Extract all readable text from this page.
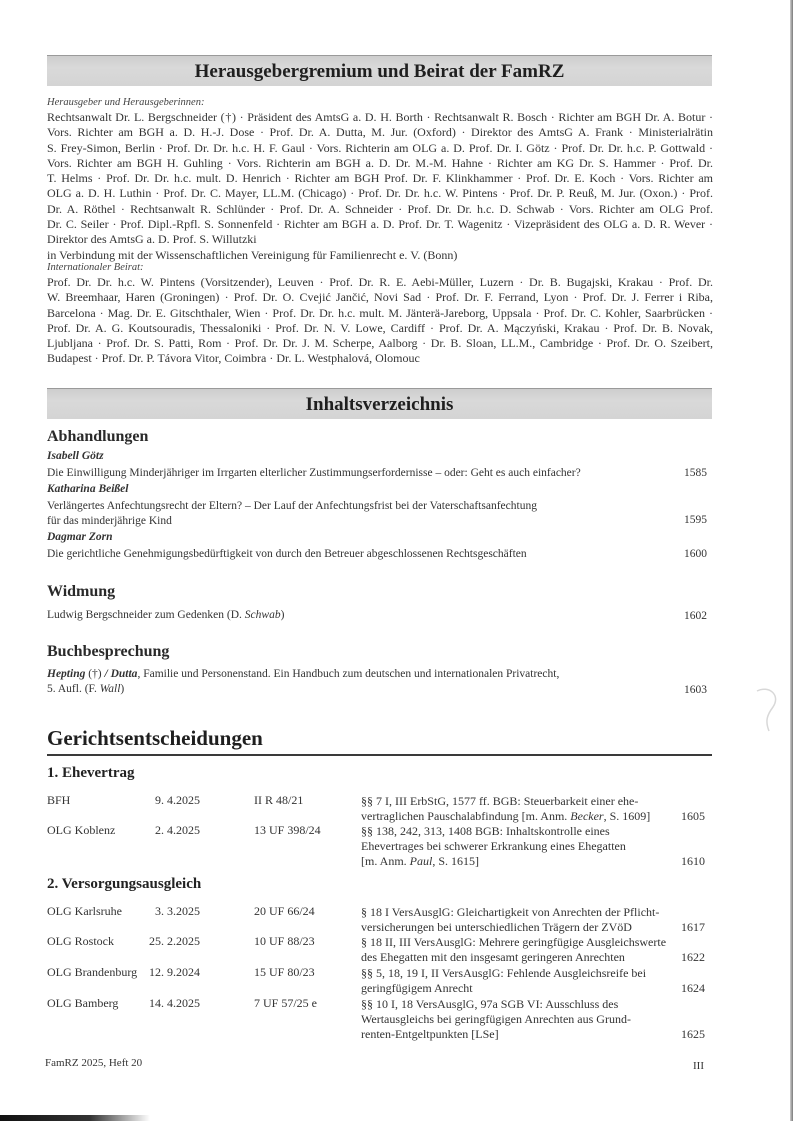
Herausgebergremium und Beirat der FamRZ
Herausgeber und Herausgeberinnen:
Rechtsanwalt Dr. L. Bergschneider (†) · Präsident des AmtsG a. D. H. Borth · Rechtsanwalt R. Bosch · Richter am BGH Dr. A. Botur ·
Vors. Richter am BGH a. D. H.-J. Dose · Prof. Dr. A. Dutta, M. Jur. (Oxford) · Direktor des AmtsG A. Frank · Ministerialrätin
S. Frey-Simon, Berlin · Prof. Dr. Dr. h.c. H. F. Gaul · Vors. Richterin am OLG a. D. Prof. Dr. I. Götz · Prof. Dr. Dr. h.c. P. Gottwald ·
Vors. Richter am BGH H. Guhling · Vors. Richterin am BGH a. D. Dr. M.-M. Hahne · Richter am KG Dr. S. Hammer · Prof. Dr.
T. Helms · Prof. Dr. Dr. h.c. mult. D. Henrich · Richter am BGH Prof. Dr. F. Klinkhammer · Prof. Dr. E. Koch · Vors. Richter am
OLG a. D. H. Luthin · Prof. Dr. C. Mayer, LL.M. (Chicago) · Prof. Dr. Dr. h.c. W. Pintens · Prof. Dr. P. Reuß, M. Jur. (Oxon.) · Prof.
Dr. A. Röthel · Rechtsanwalt R. Schlünder · Prof. Dr. A. Schneider · Prof. Dr. Dr. h.c. D. Schwab · Vors. Richter am OLG Prof.
Dr. C. Seiler · Prof. Dipl.-Rpfl. S. Sonnenfeld · Richter am BGH a. D. Prof. Dr. T. Wagenitz · Vizepräsident des OLG a. D. R. Wever ·
Direktor des AmtsG a. D. Prof. S. Willutzki
in Verbindung mit der Wissenschaftlichen Vereinigung für Familienrecht e. V. (Bonn)
Internationaler Beirat:
Prof. Dr. Dr. h.c. W. Pintens (Vorsitzender), Leuven · Prof. Dr. R. E. Aebi-Müller, Luzern · Dr. B. Bugajski, Krakau · Prof. Dr.
W. Breemhaar, Haren (Groningen) · Prof. Dr. O. Cvejić Jančić, Novi Sad · Prof. Dr. F. Ferrand, Lyon · Prof. Dr. J. Ferrer i Riba,
Barcelona · Mag. Dr. E. Gitschthaler, Wien · Prof. Dr. Dr. h.c. mult. M. Jänterä-Jareborg, Uppsala · Prof. Dr. C. Kohler, Saarbrücken ·
Prof. Dr. A. G. Koutsouradis, Thessaloniki · Prof. Dr. N. V. Lowe, Cardiff · Prof. Dr. A. Mączyński, Krakau · Prof. Dr. B. Novak,
Ljubljana · Prof. Dr. S. Patti, Rom · Prof. Dr. Dr. J. M. Scherpe, Aalborg · Dr. B. Sloan, LL.M., Cambridge · Prof. Dr. O. Szeibert,
Budapest · Prof. Dr. P. Távora Vitor, Coimbra · Dr. L. Westphalová, Olomouc
Inhaltsverzeichnis
Abhandlungen
Isabell Götz
Die Einwilligung Minderjähriger im Irrgarten elterlicher Zustimmungserfordernisse – oder: Geht es auch einfacher?	1585
Katharina Beißel
Verlängertes Anfechtungsrecht der Eltern? – Der Lauf der Anfechtungsfrist bei der Vaterschaftsanfechtung
für das minderjährige Kind	1595
Dagmar Zorn
Die gerichtliche Genehmigungsbedürftigkeit von durch den Betreuer abgeschlossenen Rechtsgeschäften	1600
Widmung
Ludwig Bergschneider zum Gedenken (D. Schwab)	1602
Buchbesprechung
Hepting (†) / Dutta, Familie und Personenstand. Ein Handbuch zum deutschen und internationalen Privatrecht,
5. Aufl. (F. Wall)	1603
Gerichtsentscheidungen
1. Ehevertrag
BFH	9. 4.2025	II R 48/21	§§ 7 I, III ErbStG, 1577 ff. BGB: Steuerbarkeit einer ehe-
vertraglichen Pauschalabfindung [m. Anm. Becker, S. 1609]	1605
OLG Koblenz	2. 4.2025	13 UF 398/24	§§ 138, 242, 313, 1408 BGB: Inhaltskontrolle eines
Ehevertrages bei schwerer Erkrankung eines Ehegatten
[m. Anm. Paul, S. 1615]	1610
2. Versorgungsausgleich
OLG Karlsruhe	3. 3.2025	20 UF 66/24	§ 18 I VersAusglG: Gleichartigkeit von Anrechten der Pflicht-
versicherungen bei unterschiedlichen Trägern der ZVöD	1617
OLG Rostock	25. 2.2025	10 UF 88/23	§ 18 II, III VersAusglG: Mehrere geringfügige Ausgleichswerte
des Ehegatten mit den insgesamt geringeren Anrechten	1622
OLG Brandenburg 12. 9.2024	15 UF 80/23	§§ 5, 18, 19 I, II VersAusglG: Fehlende Ausgleichsreife bei
geringfügigem Anrecht	1624
OLG Bamberg	14. 4.2025	7 UF 57/25 e	§§ 10 I, 18 VersAusglG, 97a SGB VI: Ausschluss des
Wertausgleichs bei geringfügigen Anrechten aus Grund-
renten-Entgeltpunkten [LSe]	1625
FamRZ 2025, Heft 20	III
